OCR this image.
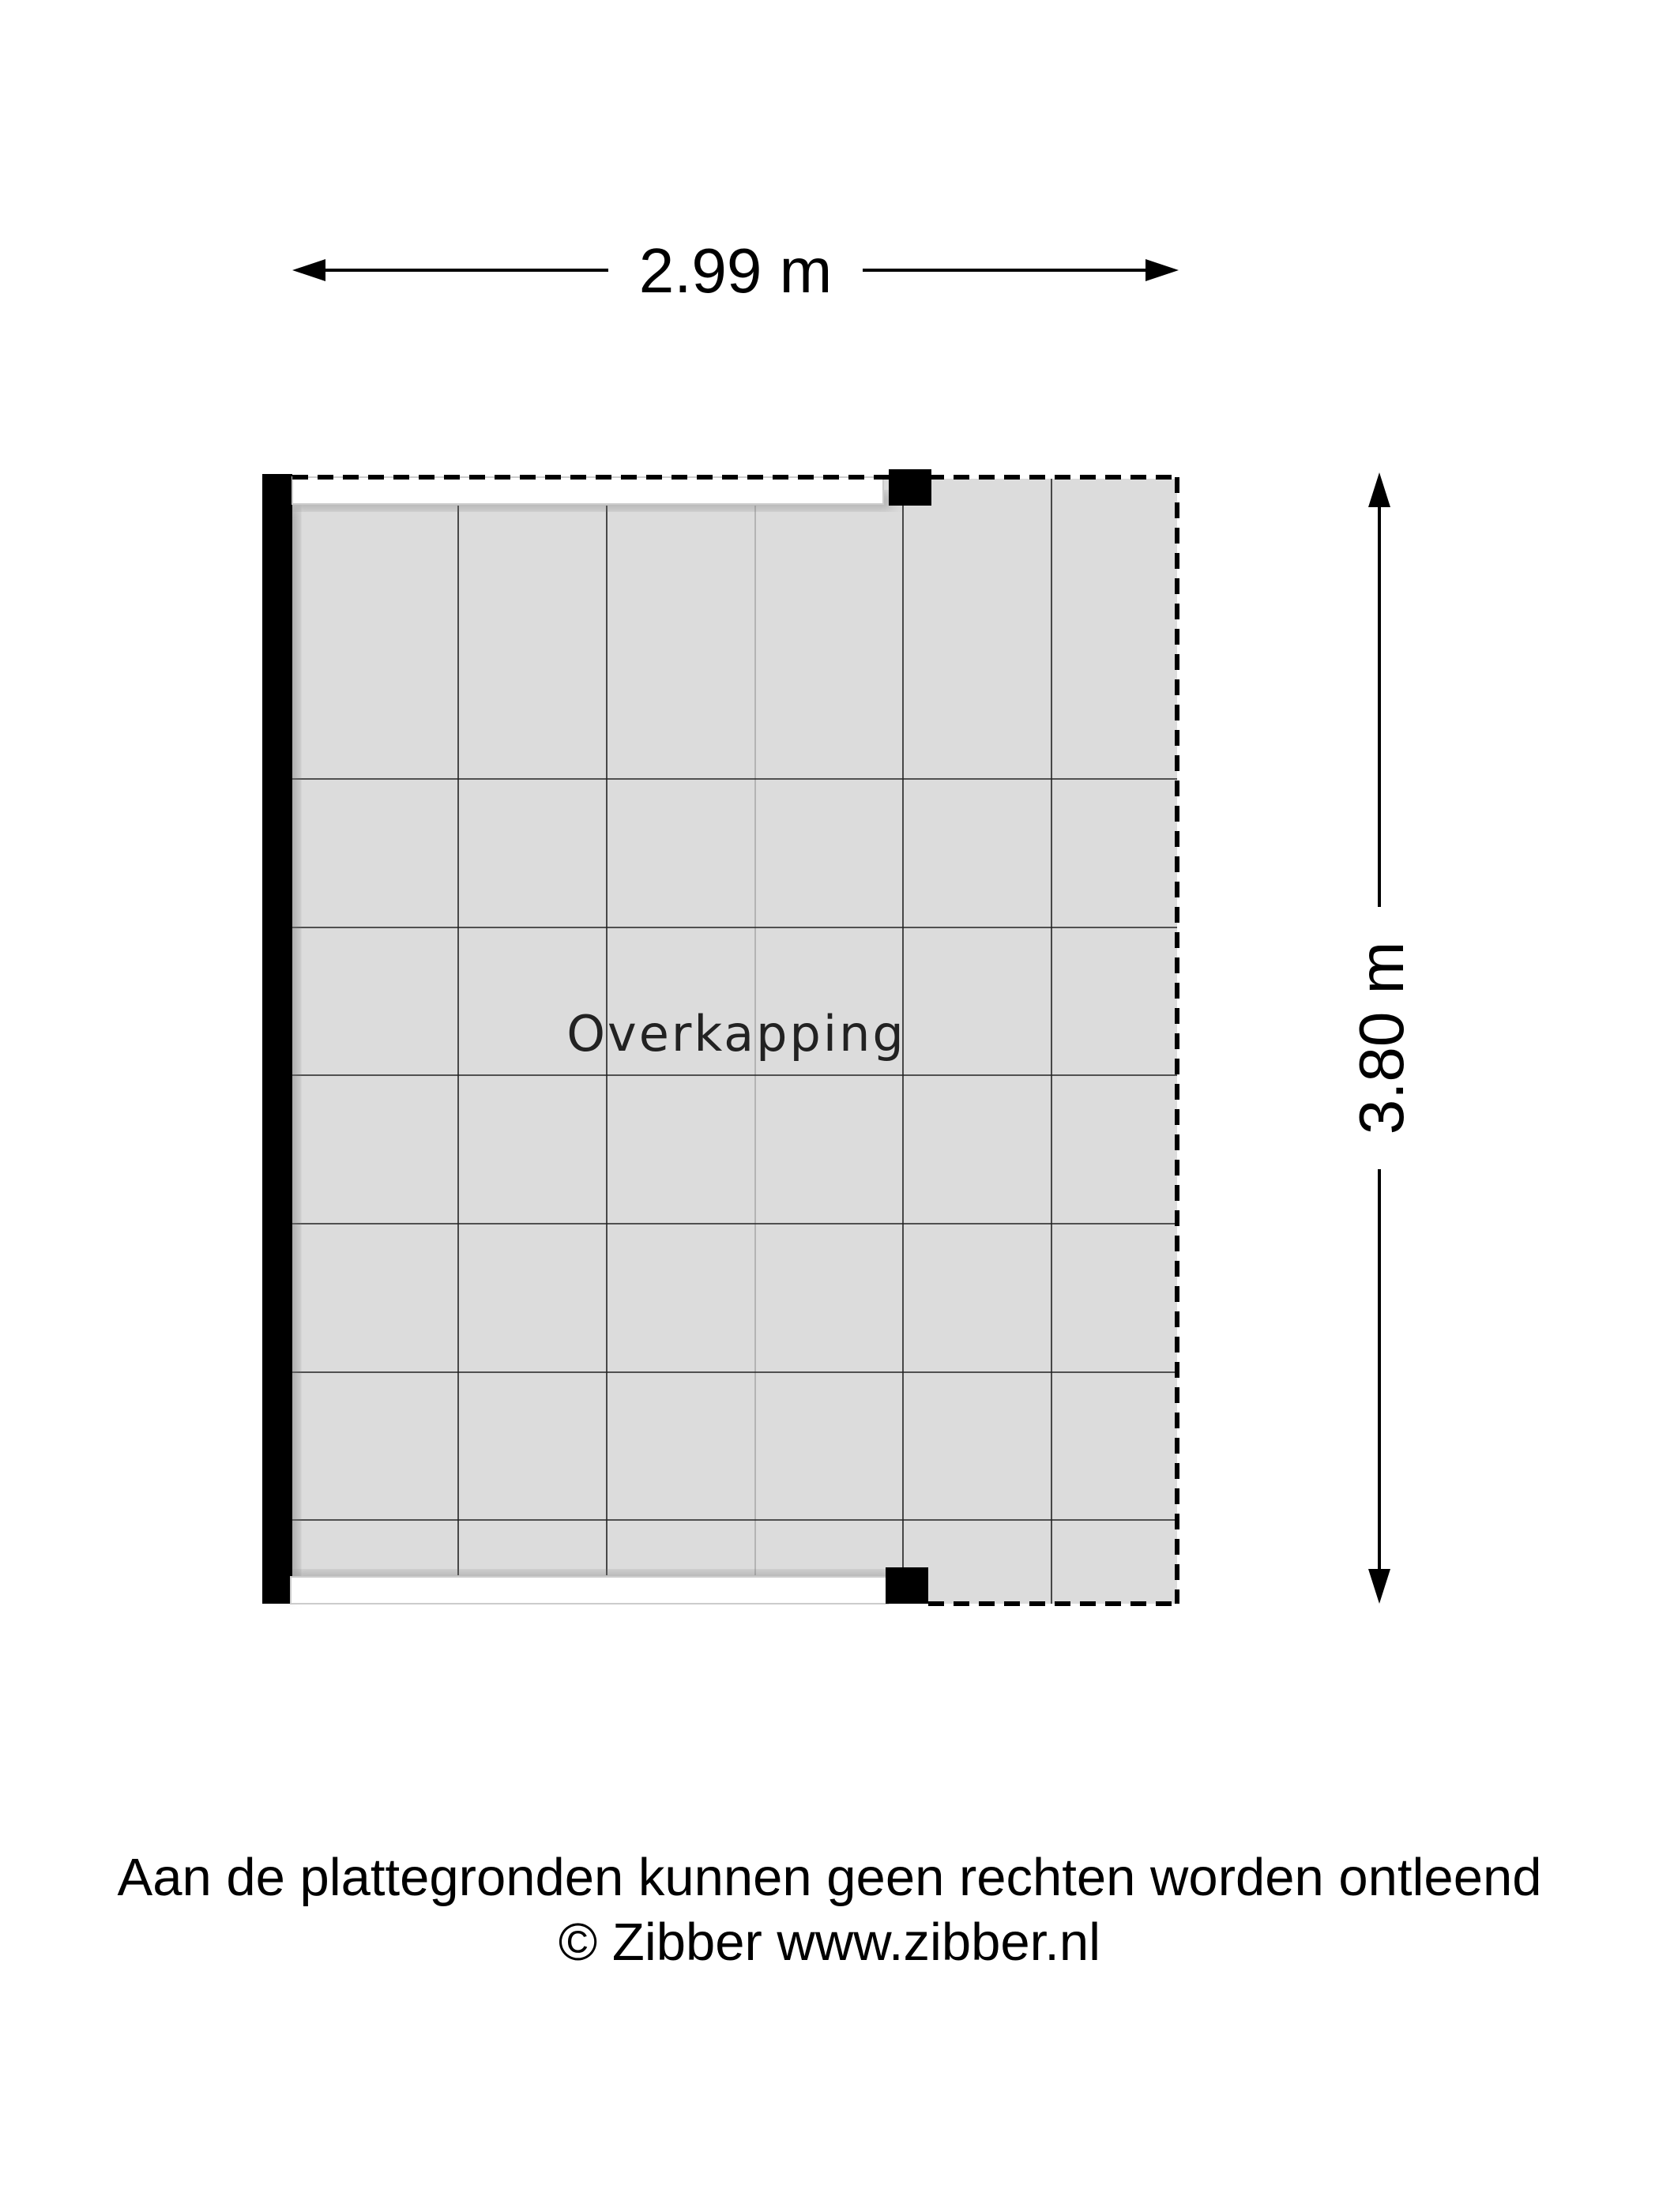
2.99 m
3.80 m
Overkapping
Aan de plattegronden kunnen geen rechten worden ontleend
© Zibber www.zibber.nl
